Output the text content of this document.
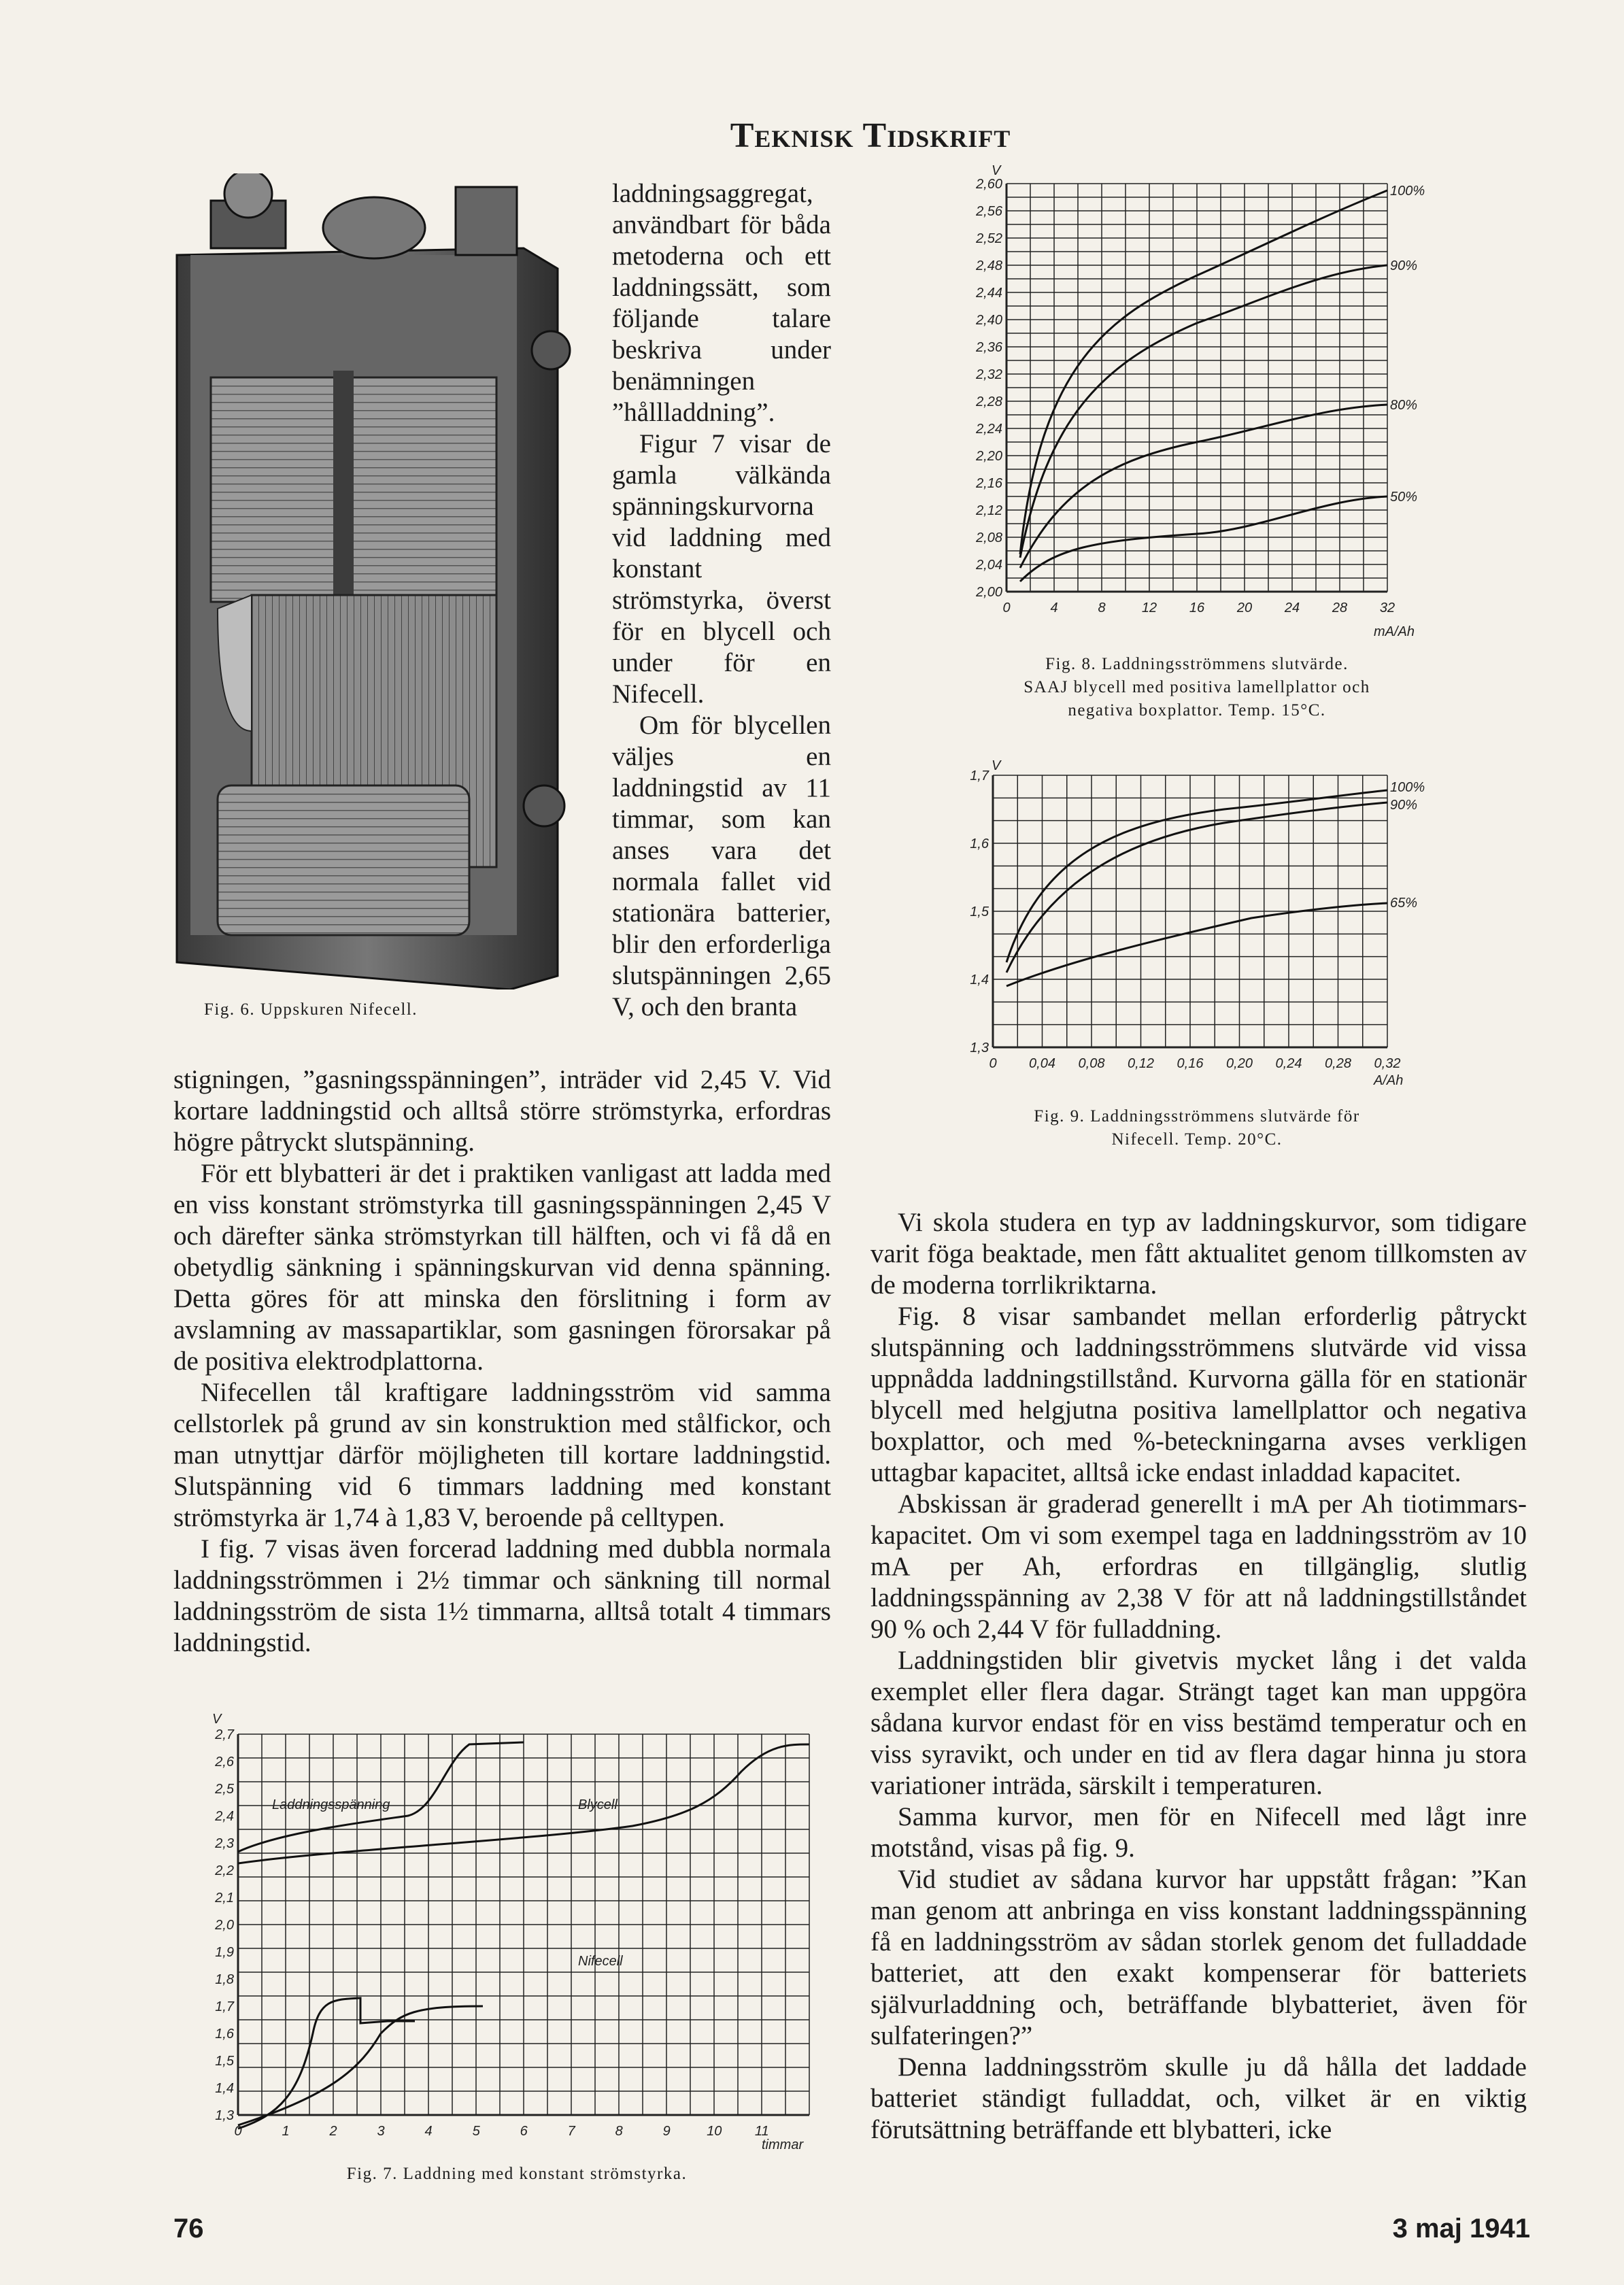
Teknisk Tidskrift
Fig. 6. Uppskuren Nifecell.

laddningsaggregat, användbart för båda metoderna och ett laddningssätt, som följande talare beskriva under benämningen ”hållladdning”.

Figur 7 visar de gamla välkända spänningskurvorna vid laddning med konstant strömstyrka, överst för en blycell och under för en Nifecell.

Om för blycellen väljes en laddningstid av 11 timmar, som kan anses vara det normala fallet vid stationära batterier, blir den erforderliga slutspänningen 2,65 V, och den branta

stigningen, ”gasningsspänningen”, inträder vid 2,45 V. Vid kortare laddningstid och alltså större strömstyrka, erfordras högre påtryckt slutspänning.

För ett blybatteri är det i praktiken vanligast att ladda med en viss konstant strömstyrka till gasningsspänningen 2,45 V och därefter sänka strömstyrkan till hälften, och vi få då en obetydlig sänkning i spänningskurvan vid denna spänning. Detta göres för att minska den förslitning i form av avslamning av massapartiklar, som gasningen förorsakar på de positiva elektrodplattorna.

Nifecellen tål kraftigare laddningsström vid samma cellstorlek på grund av sin konstruktion med stålfickor, och man utnyttjar därför möjligheten till kortare laddningstid. Slutspänning vid 6 timmars laddning med konstant strömstyrka är 1,74 à 1,83 V, beroende på celltypen.

I fig. 7 visas även forcerad laddning med dubbla normala laddningsströmmen i 2½ timmar och sänkning till normal laddningsström de sista 1½ timmarna, alltså totalt 4 timmars laddningstid.

2,7
2,6
2,5
2,4
2,3
2,2
2,1
2,0
1,9
1,8
1,7
1,6
1,5
1,4
1,3
0	1	2	3	4	5	6	7	8	9	10 11
V
timmar
Laddningsspänning	Blycell
Nifecell
Fig. 7. Laddning med konstant strömstyrka.
2,60
2,56
2,52
2,48
2,44
2,40
2,36
2,32
2,28
2,24
2,20
2,16
2,12
2,08
2,04
2,00
0	4	8	12 16 20 24 28 32
V
mA/Ah
100%
90%
80%
50%
Fig. 8. Laddningsströmmens slutvärde.
SAAJ blycell med positiva lamellplattor och
negativa boxplattor. Temp. 15°C.
1,7
1,6
1,5
1,4
1,3
0 0,04 0,08 0,12 0,16 0,20 0,24 0,28 0,32
V
A/Ah
100%
90%
65%
Fig. 9. Laddningsströmmens slutvärde för
Nifecell. Temp. 20°C.

Vi skola studera en typ av laddningskurvor, som tidigare varit föga beaktade, men fått aktualitet genom tillkomsten av de moderna torrlikriktarna.

Fig. 8 visar sambandet mellan erforderlig påtryckt slutspänning och laddningsströmmens slutvärde vid vissa uppnådda laddningstillstånd. Kurvorna gälla för en stationär blycell med helgjutna positiva lamellplattor och negativa boxplattor, och med %-beteckningarna avses verkligen uttagbar kapacitet, alltså icke endast inladdad kapacitet.

Abskissan är graderad generellt i mA per Ah tiotimmars-kapacitet. Om vi som exempel taga en laddningsström av 10 mA per Ah, erfordras en tillgänglig, slutlig laddningsspänning av 2,38 V för att nå laddningstillståndet 90 % och 2,44 V för fulladdning.

Laddningstiden blir givetvis mycket lång i det valda exemplet eller flera dagar. Strängt taget kan man uppgöra sådana kurvor endast för en viss bestämd temperatur och en viss syravikt, och under en tid av flera dagar hinna ju stora variationer inträda, särskilt i temperaturen.

Samma kurvor, men för en Nifecell med lågt inre motstånd, visas på fig. 9.

Vid studiet av sådana kurvor har uppstått frågan: ”Kan man genom att anbringa en viss konstant laddningsspänning få en laddningsström av sådan storlek genom det fulladdade batteriet, att den exakt kompenserar för batteriets självurladdning och, beträffande blybatteriet, även för sulfateringen?”

Denna laddningsström skulle ju då hålla det laddade batteriet ständigt fulladdat, och, vilket är en viktig förutsättning beträffande ett blybatteri, icke

76	3 maj 1941
